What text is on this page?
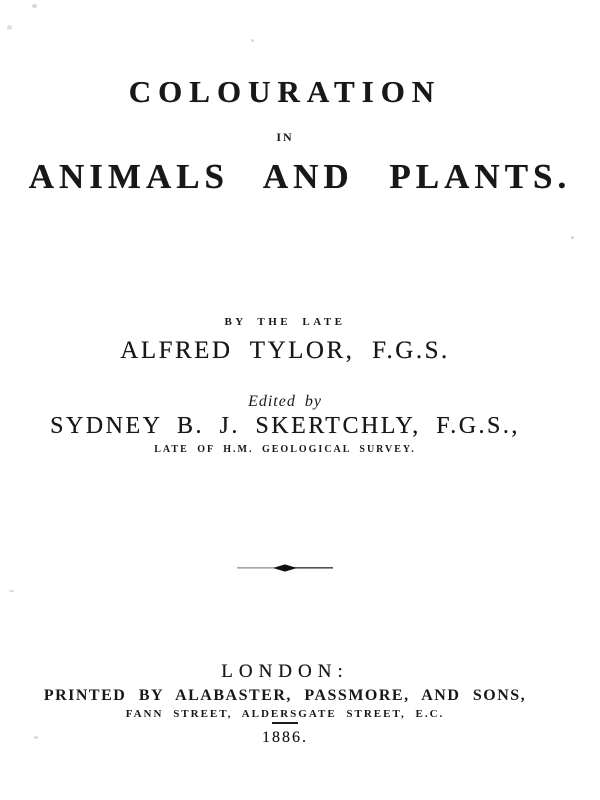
COLOURATION
IN
ANIMALS AND PLANTS.
BY THE LATE
ALFRED TYLOR, F.G.S.
Edited by
SYDNEY B. J. SKERTCHLY, F.G.S.,
LATE OF H.M. GEOLOGICAL SURVEY.
LONDON:
PRINTED BY ALABASTER, PASSMORE, AND SONS,
FANN STREET, ALDERSGATE STREET, E.C.
1886.
